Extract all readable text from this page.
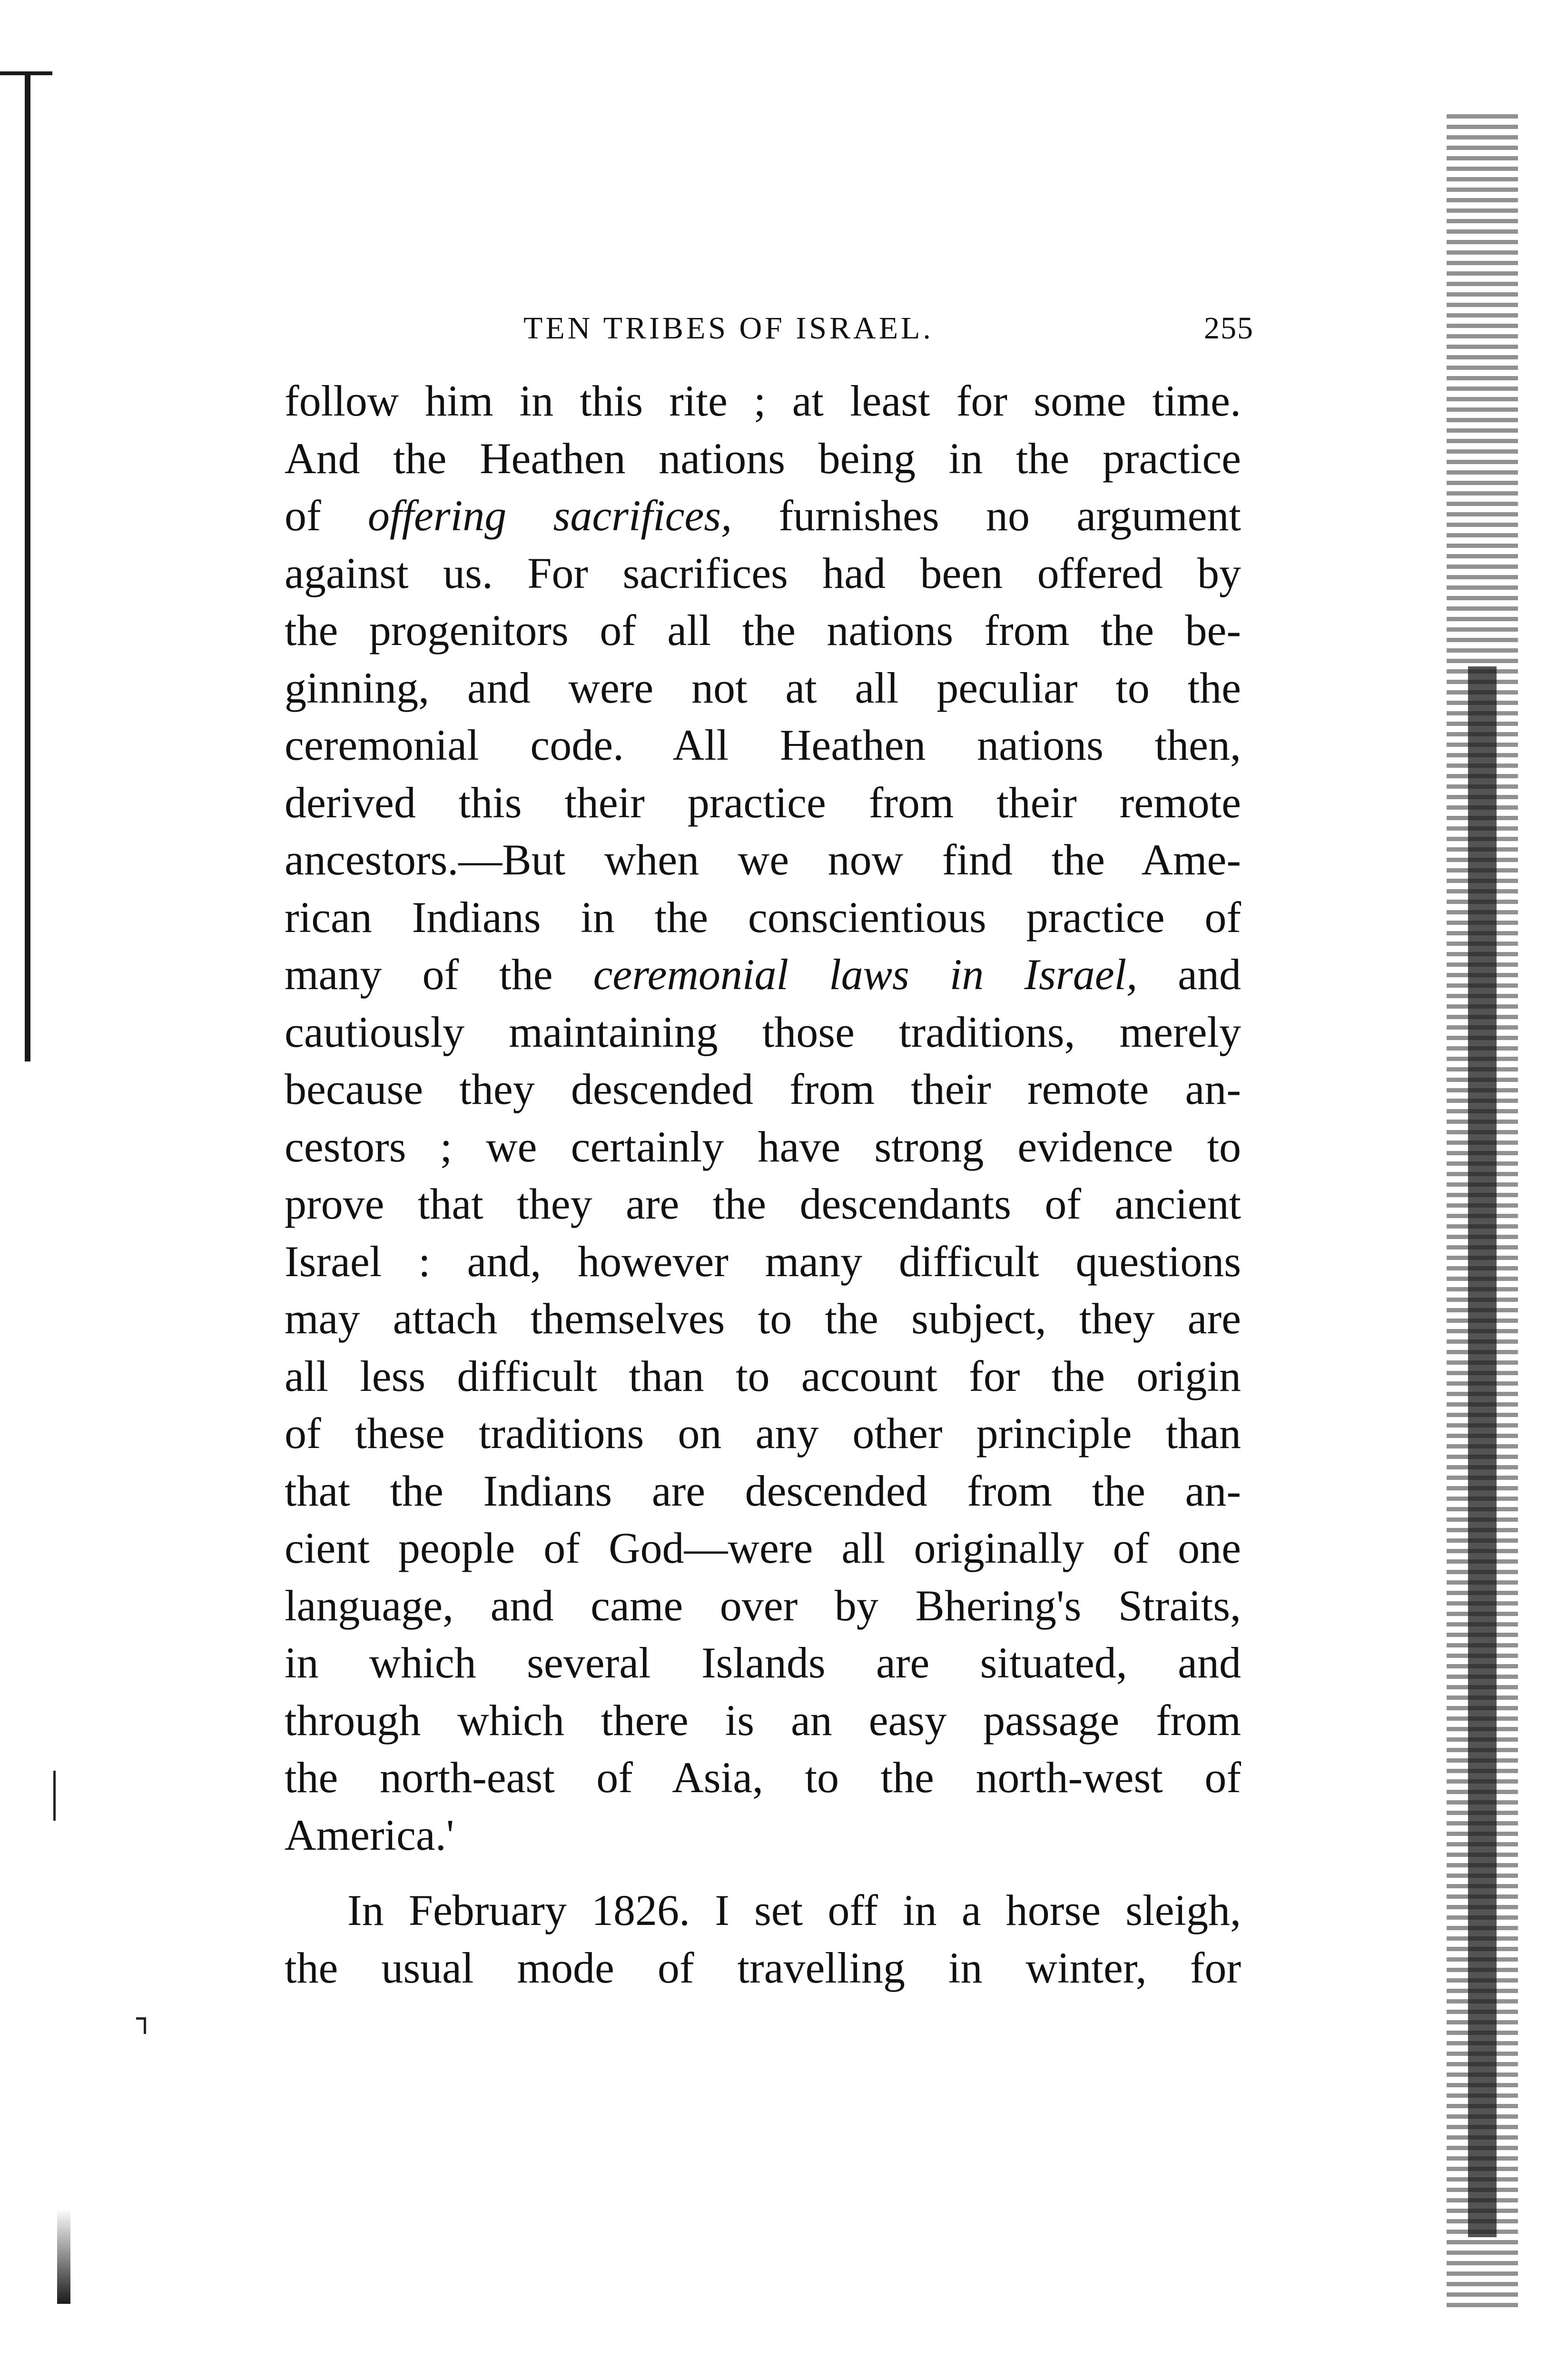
TEN TRIBES OF ISRAEL.	255
follow him in this rite ; at least for some time.
And the Heathen nations being in the practice
of offering sacrifices, furnishes no argument
against us. For sacrifices had been offered by
the progenitors of all the nations from the be-
ginning, and were not at all peculiar to the
ceremonial code. All Heathen nations then,
derived this their practice from their remote
ancestors.—But when we now find the Ame-
rican Indians in the conscientious practice of
many of the ceremonial laws in Israel, and
cautiously maintaining those traditions, merely
because they descended from their remote an-
cestors ; we certainly have strong evidence to
prove that they are the descendants of ancient
Israel : and, however many difficult questions
may attach themselves to the subject, they are
all less difficult than to account for the origin
of these traditions on any other principle than
that the Indians are descended from the an-
cient people of God—were all originally of one
language, and came over by Bhering's Straits,
in which several Islands are situated, and
through which there is an easy passage from
the north-east of Asia, to the north-west of
America.'
In February 1826. I set off in a horse sleigh,
the usual mode of travelling in winter, for
